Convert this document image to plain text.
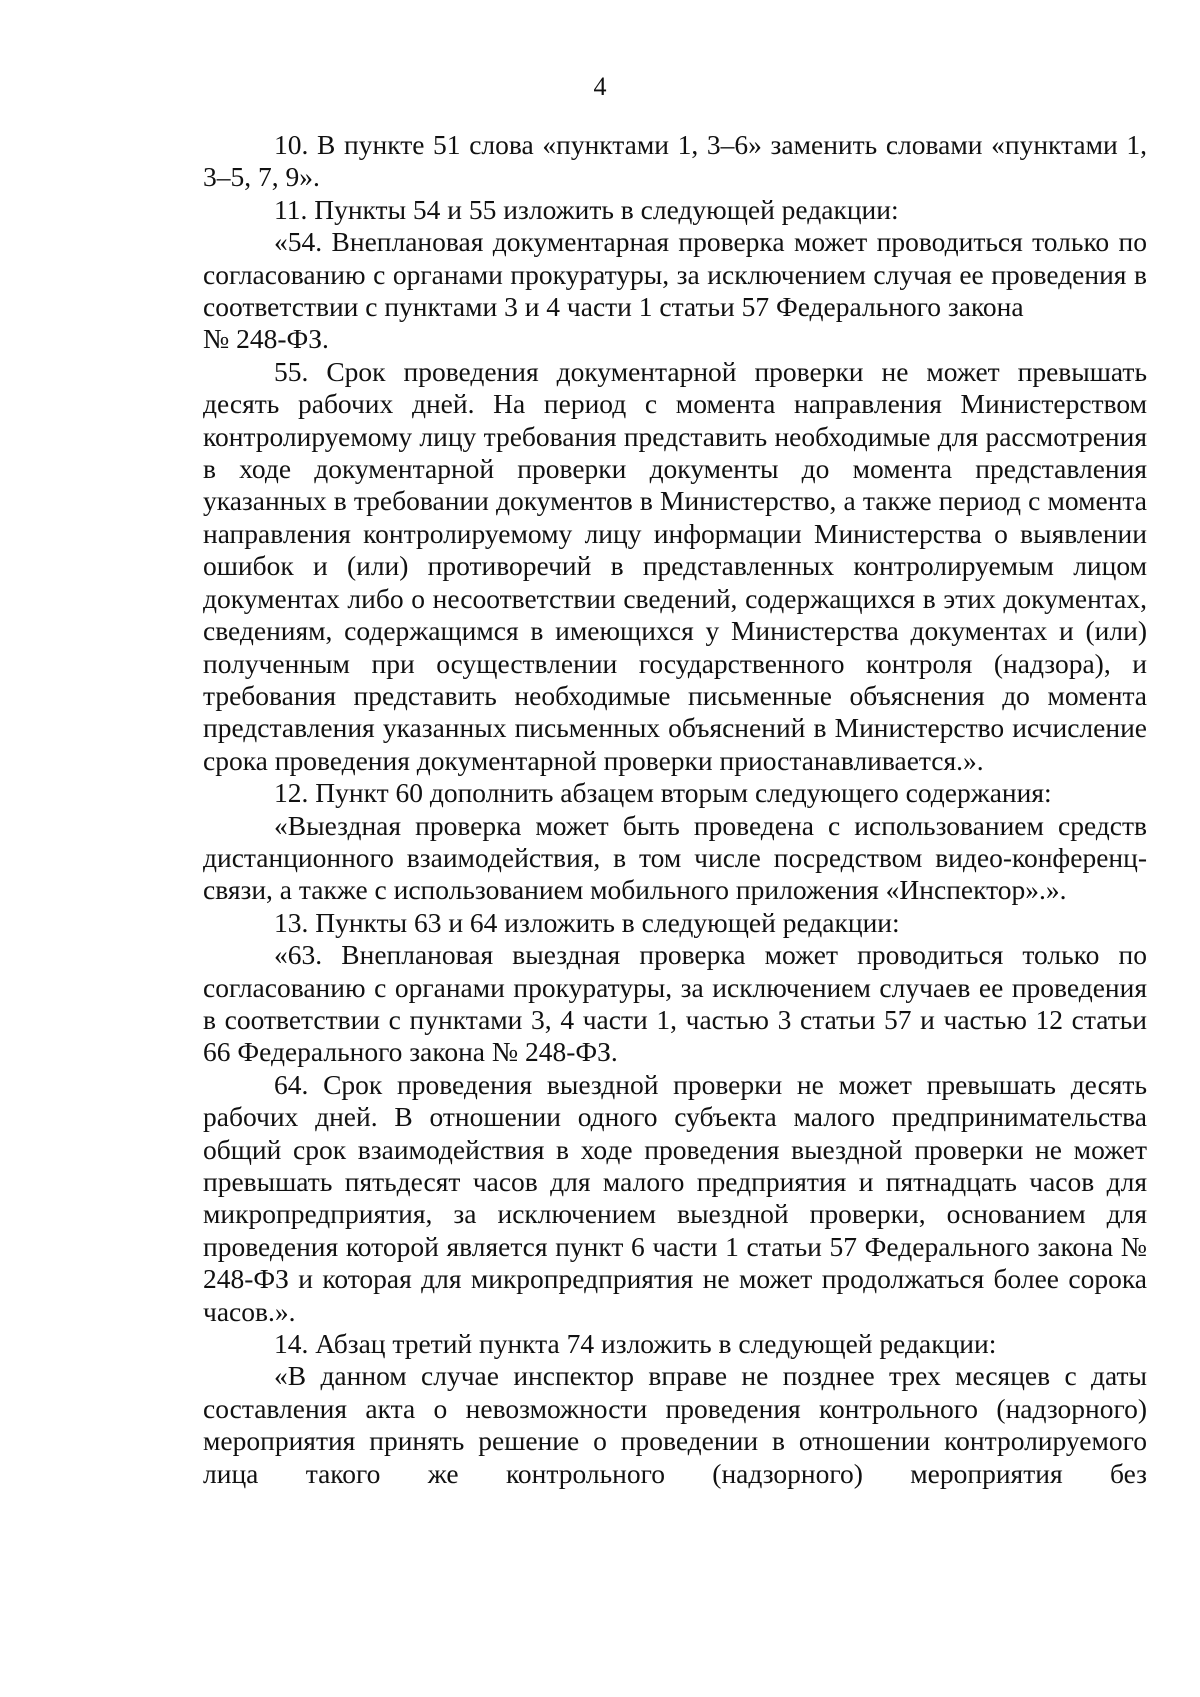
4

10. В пункте 51 слова «пунктами 1, 3–6» заменить словами «пунктами 1, 3–5, 7, 9».

11. Пункты 54 и 55 изложить в следующей редакции:

«54. Внеплановая документарная проверка может проводиться только по согласованию с органами прокуратуры, за исключением случая ее проведения в соответствии с пунктами 3 и 4 части 1 статьи 57 Федерального закона

№ 248-ФЗ.

55. Срок проведения документарной проверки не может превышать десять рабочих дней. На период с момента направления Министерством контролируемому лицу требования представить необходимые для рассмотрения в ходе документарной проверки документы до момента представления указанных в требовании документов в Министерство, а также период с момента направления контролируемому лицу информации Министерства о выявлении ошибок и (или) противоречий в представленных контролируемым лицом документах либо о несоответствии сведений, содержащихся в этих документах, сведениям, содержащимся в имеющихся у Министерства документах и (или) полученным при осуществлении государственного контроля (надзора), и требования представить необходимые письменные объяснения до момента представления указанных письменных объяснений в Министерство исчисление срока проведения документарной проверки приостанавливается.».

12. Пункт 60 дополнить абзацем вторым следующего содержания:

«Выездная проверка может быть проведена с использованием средств дистанционного взаимодействия, в том числе посредством видео-конференц-связи, а также с использованием мобильного приложения «Инспектор».».

13. Пункты 63 и 64 изложить в следующей редакции:

«63. Внеплановая выездная проверка может проводиться только по согласованию с органами прокуратуры, за исключением случаев ее проведения в соответствии с пунктами 3, 4 части 1, частью 3 статьи 57 и частью 12 статьи 66 Федерального закона № 248-ФЗ.

64. Срок проведения выездной проверки не может превышать десять рабочих дней. В отношении одного субъекта малого предпринимательства общий срок взаимодействия в ходе проведения выездной проверки не может превышать пятьдесят часов для малого предприятия и пятнадцать часов для микропредприятия, за исключением выездной проверки, основанием для проведения которой является пункт 6 части 1 статьи 57 Федерального закона № 248-ФЗ и которая для микропредприятия не может продолжаться более сорока часов.».

14. Абзац третий пункта 74 изложить в следующей редакции:

«В данном случае инспектор вправе не позднее трех месяцев с даты составления акта о невозможности проведения контрольного (надзорного) мероприятия принять решение о проведении в отношении контролируемого лица такого же контрольного (надзорного) мероприятия без
